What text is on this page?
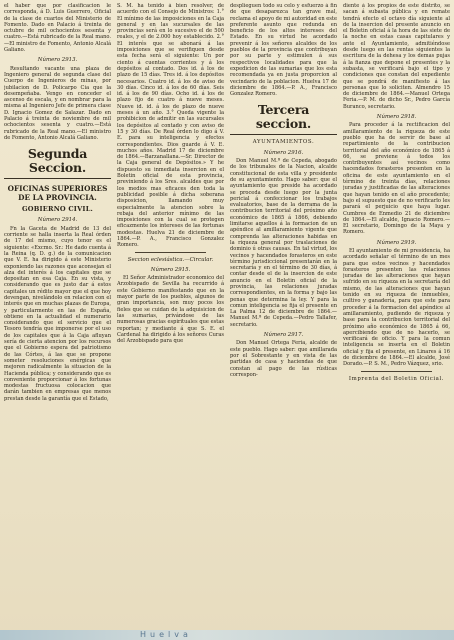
el haber que por clasificacion le corresponda, á D. Luis Guerrero, Oficial de la clase de cuartos del Ministerio de Fomento. Dado en Palacio á treinta de octubre de mil ochocientos sesenta y cuatro.—Está rubricado de la Real mano.—El ministro de Fomento, Antonio Alcalá Galiano.

Número 2913.

Resultando vacante una plaza de Ingeniero general de segunda clase del Cuerpo de Ingenieros de minas, por jubilacion de D. Policarpo Cia que la desempeñaba. Vengo en conceder el ascenso de escala, y en nombrar para la misma al Ingeniero Jefe de primera clase D. Ignacio Gomez de Salazar. Dado en Palacio á treinta de noviembre de mil ochocientos sesenta y cuatro.—Está rubricado de la Real mano.—El ministro de Fomento, Antonio Alcalá Galiano.

Segunda Seccion.
OFICINAS SUPERIORES DE LA PROVINCIA.
GOBIERNO CIVIL.
Número 2914.

Fn la Gaceta de Madrid de 13 del corriente se halla inserta la Real órden de 17 del mismo, cuyo tenor es el siguiente: «Excmo. Sr.: He dado cuenta á la Reina (q. D. g.) de la comunicacion que V. E. ha dirigido á este Ministerio exponiendo las razones que aconsejan el alza del interés á los capitales que se depositan en esa Caja. En su vista, y considerando que es justo dar á estos capitales un rédito mayor que el que hoy devengan, nivelándolo en relacion con el interés que en muchas plazas de Europa, y particularmente en las de España, obtiene en la actualidad el numerario considerando que el servicio que el Tesoro tendría que imponerse por el uso de los capitales que á la Caja afluyan sería de cierta atencion por los recursos que el Gobierno espera del patriotismo de las Córtes, á las que se propone someter resoluciones enérgicas que mejoren radicalmente la situacion de la Hacienda pública; y considerando que es conveniente proporcionar á los fortunas modestas fructuosa colocacion que darán tambien en empresas que menos prestan desde la garantía que el Estado,

S. M. ha tenido á bien resolver, de acuerdo con el Consejo de Ministros: 1.° El mínimo de las imposiciones en la Caja general y en las sucursales de las provincias será en lo sucesivo el de 500 reales, y el de 2.000 hoy establecido. 2.° El interés que se abonará á las imposiciones que se verifiquen desde esta fecha será el siguiente: Un por ciento á cuentas corrientes y á los depósitos al contado. Dos id. á los de plazo de 15 días. Tres id. á los depósitos necesarios. Cuatro id. á los de aviso de 30 días. Cinco id. á los de 60 días. Seis id. á los de 90 días. Ocho id. á los de plazo fijo de cuatro á nueve meses. Nueve id. id. á los de plazo de nueve meses á un año. 3.° Queda vigente la prohibicion de admitir en las sucursales los depósitos al contado y con aviso de 15 y 30 días. De Real órden lo digo á V. E. para su inteligencia y efectos correspondientes. Dios guarde á V. E. muchos años. Madrid 17 de diciembre de 1864.—Barzanallana.—Sr. Director de la Caja general de Depósitos.» Y he dispuesto su inmediata insercion en el Boletin oficial de esta provincia, previniendo á los Sres. alcaldes que por los medios mas eficaces den toda la publicidad posible á dicha soberana disposicion, llamando muy especialmente la atencion sobre la rebaja del anterior mínimo de las imposiciones con la cual se protegen eficazmente los intereses de las fortunas modestas. Huelva 21 de diciembre de 1864.—P. A., Francisco Gonzalez Romero.

Seccion eclesiástica.—Circular.
Número 2915.

El Señor Administrador economico del Arzobispado de Sevilla ha recurrido á este Gobierno manifestando que en la mayor parte de los pueblos, algunos de gran importancia, son muy pocos los fieles que se cuidan de la adquisicion de las sumarias, privándose de las numerosas gracias espirituales que estas reportan; y mediante á que S. E. el Cardenal ha dirigido á los señores Curas del Arzobispado para que

desplieguen todo su celo y esfuerzo á fin de que desaparezca tan grave mal, reclama el apoyo de mi autoridad en este preferente asunto que redunda en beneficio de los altos intereses del Estado. En su virtud he acordado prevenir á los señores alcaldes de los pueblos de la provincia que contribuyan por su parte y estimulen á sus respectivos localidades para que la expedicion de las sumarias que los esta recomendada ya en justa proporcion al vecindario de la poblacion. Huelva 17 de diciembre de 1864.—P. A., Francisco Gonzalez Romero.

Tercera seccion.
AYUNTAMIENTOS.
Número 2916.

Don Manuel M.ª de Cepeda, abogado de los tribunales de la Nacion, alcalde constitucional de esta villa y presidente de su ayuntamiento. Hago saber: que el ayuntamiento que preside ha acordado se proceda desde luego por la junta pericial á confeccionar los trabajos evaluatorios, base de la derrama de la contribucion territorial del próximo año económico de 1865 á 1866, debiendo limitarse aquellos á la formacion de un apéndice al amillaramiento vigente que comprenda las alteraciones habidas en la riqueza general por traslaciones de dominio ú otras causas. En tal virtud, los vecinos y hacendados forasteros en este término jurisdiccional presentarán en la secretaría y en el término de 30 días, á contar desde el de la insercion de este anuncio en el Boletin oficial de la provincia, las relaciones juradas correspondientes, en la forma y bajo las penas que determina la ley. Y para la comun inteligencia se fija el presente en La Palma 12 de diciembre de 1864.—Manuel M.ª de Cepeda.—Pedro Tallafer, secretario.

Número 2917.

Don Manuel Ortega Feria, alcalde de este pueblo. Hago saber: que amillarada por el Sobrestante y en vista de las partidas de casa y haciendas de que constan al pago de las rústicas correspon-

diente á los propios de este distrito, se sacan á subasta pública y en remate tendrá efecto el octavo día siguiente al de la insercion del presente anuncio en el Boletin oficial á la hora de las siete de la noche en estas casas capitulares y ante el Ayuntamiento, admitiéndose desde luego en las rentas siguientes la escritura de la dehesa y los demas pujas á la fianza que depone el presentes y la subasta, se verificará bajo el tipo y condiciones que constan del expediente que se pondrá de manifiesto á las personas que lo soliciten. Almendro 15 de diciembre de 1864.—Manuel Ortega Feria.—P. M. de dicho Sr., Pedro García Buranco, secretario.

Número 2918.

Para proceder á la rectificacion del amillaramiento de la riqueza de este pueblo que ha de servir de base al repartimiento de la contribucion territorial del año económico de 1865 á 66, se previene á todos los contribuyentes así vecinos como hacendados forasteros presenten en la oficina de este ayuntamiento en el término de treinta días, relaciones juradas y justificadas de las alteraciones que hayan tenido en el año procedente; bajo el supuesto que de no verificarlo les parará el perjuicio que haya lugar. Cumbres de Enmedio 21 de diciembre de 1864.—El alcalde, Ignacio Romero.—El secretario, Domingo de la Maya y Romero.

Número 2919.

El ayuntamiento de mi presidencia, ha acordado señalar el término de un mes para que estos vecinos y hacendados forasteros presenten las relaciones juradas de las alteraciones que hayan sufrido en su riqueza en la secretaría del mismo, de las alteraciones que hayan tenido en su riqueza de inmuebles, cultivo y ganadería, para que este para proceder á la formacion del apéndice al amillaramiento, pudiendo de riqueza y base para la contribucion territorial del próximo año económico de 1865 á 66, apercibiendo que de no hacerlo, se verificará de oficio. Y para la comun inteligencia se inserta en el Boletin oficial y fija el presente, en Linares á 16 de diciembre de 1864.—El alcalde, José Dorado.—P. S. M., Pedro Vázquez, srio.

Imprenta del Boletin Oficial.
Huelva
